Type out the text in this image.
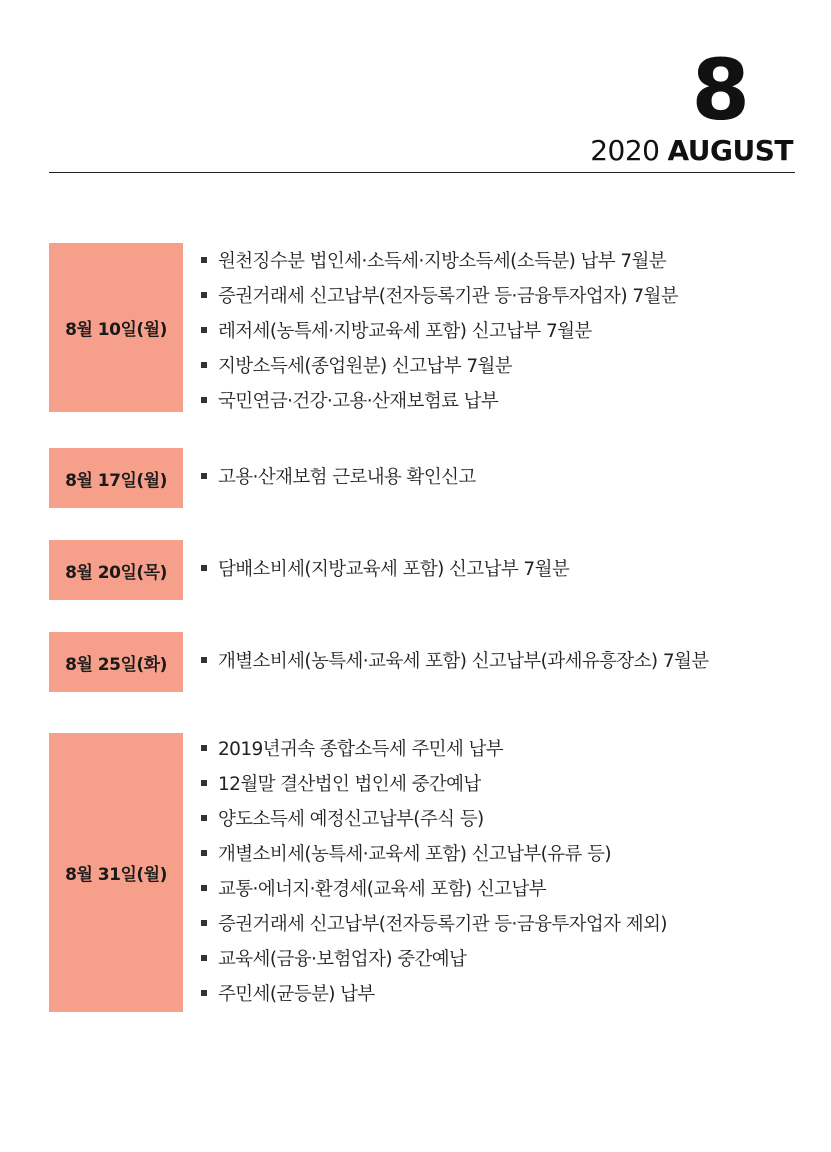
8
2020 AUGUST
8월 10일(월)
원천징수분 법인세·소득세·지방소득세(소득분) 납부 7월분
증권거래세 신고납부(전자등록기관 등·금융투자업자) 7월분
레저세(농특세·지방교육세 포함) 신고납부 7월분
지방소득세(종업원분) 신고납부 7월분
국민연금·건강·고용·산재보험료 납부
8월 17일(월)	고용·산재보험 근로내용 확인신고
8월 20일(목)	담배소비세(지방교육세 포함) 신고납부 7월분
8월 25일(화)	개별소비세(농특세·교육세 포함) 신고납부(과세유흥장소) 7월분
8월 31일(월)
2019년귀속 종합소득세 주민세 납부
12월말 결산법인 법인세 중간예납
양도소득세 예정신고납부(주식 등)
개별소비세(농특세·교육세 포함) 신고납부(유류 등)
교통·에너지·환경세(교육세 포함) 신고납부
증권거래세 신고납부(전자등록기관 등·금융투자업자 제외)
교육세(금융·보험업자) 중간예납
주민세(균등분) 납부
